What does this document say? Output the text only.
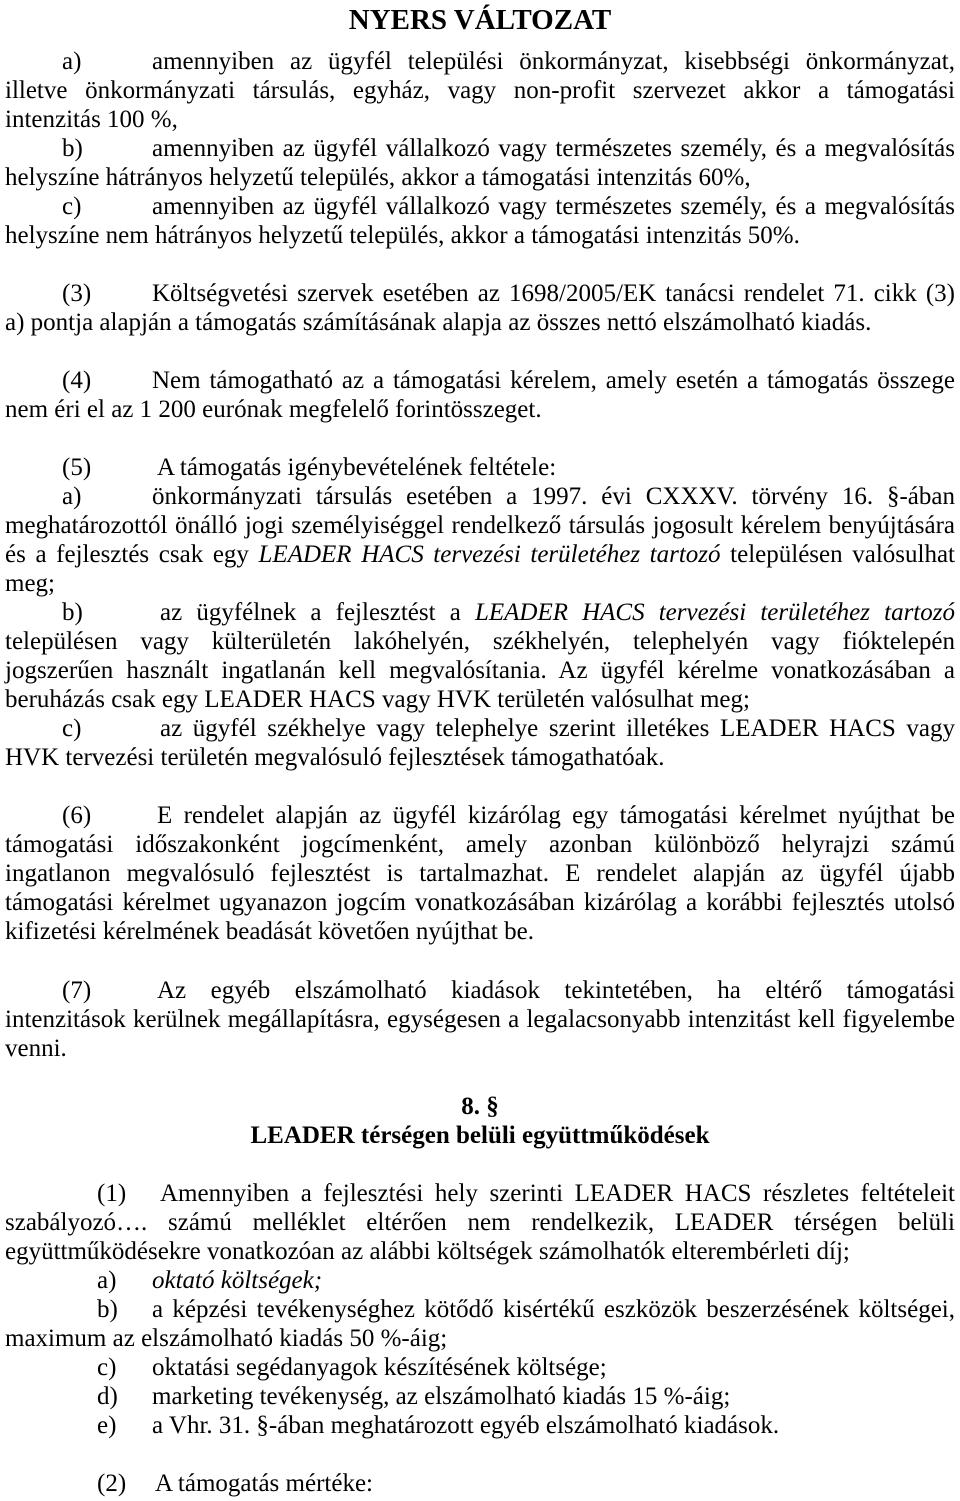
NYERS VÁLTOZAT
a)	amennyiben az ügyfél települési önkormányzat, kisebbségi önkormányzat,
illetve önkormányzati társulás, egyház, vagy non-profit szervezet akkor a támogatási
intenzitás 100 %,
b)	amennyiben az ügyfél vállalkozó vagy természetes személy, és a megvalósítás
helyszíne hátrányos helyzetű település, akkor a támogatási intenzitás 60%,
c)	amennyiben az ügyfél vállalkozó vagy természetes személy, és a megvalósítás
helyszíne nem hátrányos helyzetű település, akkor a támogatási intenzitás 50%.
(3) Költségvetési szervek esetében az 1698/2005/EK tanácsi rendelet 71. cikk (3)
a) pontja alapján a támogatás számításának alapja az összes nettó elszámolható kiadás.
(4) Nem támogatható az a támogatási kérelem, amely esetén a támogatás összege
nem éri el az 1 200 eurónak megfelelő forintösszeget.
(5)	A támogatás igénybevételének feltétele:
a)	önkormányzati társulás esetében a 1997. évi CXXXV. törvény 16. §-ában
meghatározottól önálló jogi személyiséggel rendelkező társulás jogosult kérelem benyújtására
és a fejlesztés csak egy LEADER HACS tervezési területéhez tartozó településen valósulhat
meg;
b)	az ügyfélnek a fejlesztést a LEADER HACS tervezési területéhez tartozó
településen vagy külterületén lakóhelyén, székhelyén, telephelyén vagy fióktelepén
jogszerűen használt ingatlanán kell megvalósítania. Az ügyfél kérelme vonatkozásában a
beruházás csak egy LEADER HACS vagy HVK területén valósulhat meg;
c)	az ügyfél székhelye vagy telephelye szerint illetékes LEADER HACS vagy
HVK tervezési területén megvalósuló fejlesztések támogathatóak.
(6)	E rendelet alapján az ügyfél kizárólag egy támogatási kérelmet nyújthat be
támogatási időszakonként jogcímenként, amely azonban különböző helyrajzi számú
ingatlanon megvalósuló fejlesztést is tartalmazhat. E rendelet alapján az ügyfél újabb
támogatási kérelmet ugyanazon jogcím vonatkozásában kizárólag a korábbi fejlesztés utolsó
kifizetési kérelmének beadását követően nyújthat be.
(7)	Az egyéb elszámolható kiadások tekintetében, ha eltérő támogatási
intenzitások kerülnek megállapításra, egységesen a legalacsonyabb intenzitást kell figyelembe
venni.
8. §
LEADER térségen belüli együttműködések
(1) Amennyiben a fejlesztési hely szerinti LEADER HACS részletes feltételeit
szabályozó…. számú melléklet eltérően nem rendelkezik, LEADER térségen belüli
együttműködésekre vonatkozóan az alábbi költségek számolhatók elterembérleti díj;
a) oktató költségek;
b) a képzési tevékenységhez kötődő kisértékű eszközök beszerzésének költségei,
maximum az elszámolható kiadás 50 %-áig;
c) oktatási segédanyagok készítésének költsége;
d) marketing tevékenység, az elszámolható kiadás 15 %-áig;
e) a Vhr. 31. §-ában meghatározott egyéb elszámolható kiadások.
(2) A támogatás mértéke:
